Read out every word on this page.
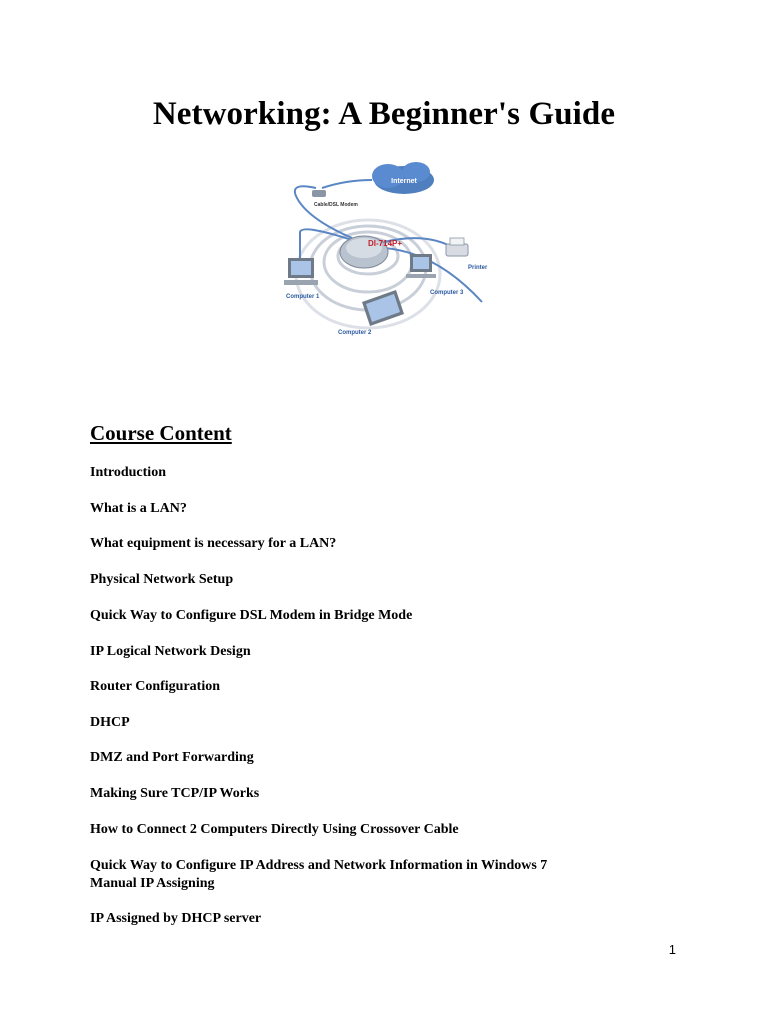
Networking: A Beginner's Guide
Internet
Cable/DSL Modem
DI-714P+
Printer
Computer 1
Computer 3
Computer 2
Course Content
Introduction
What is a LAN?
What equipment is necessary for a LAN?
Physical Network Setup
Quick Way to Configure DSL Modem in Bridge Mode
IP Logical Network Design
Router Configuration
DHCP
DMZ and Port Forwarding
Making Sure TCP/IP Works
How to Connect 2 Computers Directly Using Crossover Cable
Quick Way to Configure IP Address and Network Information in Windows 7
Manual IP Assigning
IP Assigned by DHCP server
1
